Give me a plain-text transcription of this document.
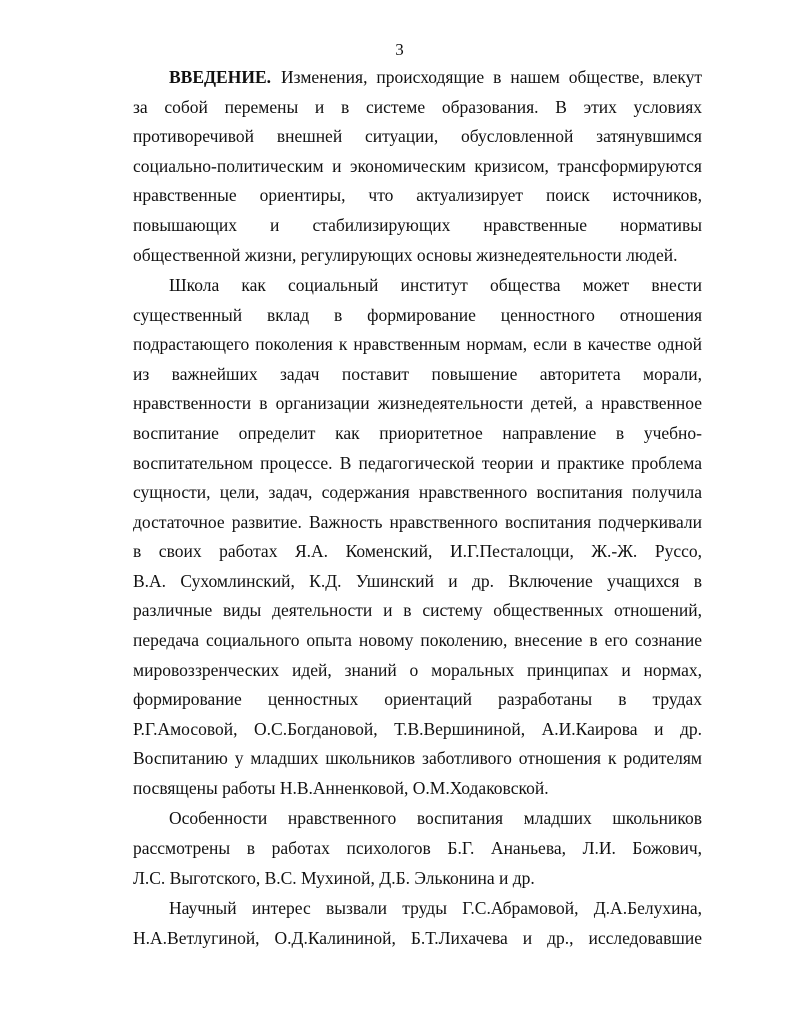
3
ВВЕДЕНИЕ. Изменения, происходящие в нашем обществе, влекут
за собой перемены и в системе образования. В этих условиях
противоречивой внешней ситуации, обусловленной затянувшимся
социально-политическим и экономическим кризисом, трансформируются
нравственные ориентиры, что актуализирует поиск источников,
повышающих и стабилизирующих нравственные нормативы
общественной жизни, регулирующих основы жизнедеятельности людей.
Школа как социальный институт общества может внести
существенный вклад в формирование ценностного отношения
подрастающего поколения к нравственным нормам, если в качестве одной
из важнейших задач поставит повышение авторитета морали,
нравственности в организации жизнедеятельности детей, а нравственное
воспитание определит как приоритетное направление в учебно-
воспитательном процессе. В педагогической теории и практике проблема
сущности, цели, задач, содержания нравственного воспитания получила
достаточное развитие. Важность нравственного воспитания подчеркивали
в своих работах Я.А. Коменский, И.Г.Песталоцци, Ж.-Ж. Руссо,
В.А. Сухомлинский, К.Д. Ушинский и др. Включение учащихся в
различные виды деятельности и в систему общественных отношений,
передача социального опыта новому поколению, внесение в его сознание
мировоззренческих идей, знаний о моральных принципах и нормах,
формирование ценностных ориентаций разработаны в трудах
Р.Г.Амосовой, О.С.Богдановой, Т.В.Вершининой, А.И.Каирова и др.
Воспитанию у младших школьников заботливого отношения к родителям
посвящены работы Н.В.Анненковой, О.М.Ходаковской.
Особенности нравственного воспитания младших школьников
рассмотрены в работах психологов Б.Г. Ананьева, Л.И. Божович,
Л.С. Выготского, В.С. Мухиной, Д.Б. Эльконина и др.
Научный интерес вызвали труды Г.С.Абрамовой, Д.А.Белухина,
Н.А.Ветлугиной, О.Д.Калининой, Б.Т.Лихачева и др., исследовавшие
